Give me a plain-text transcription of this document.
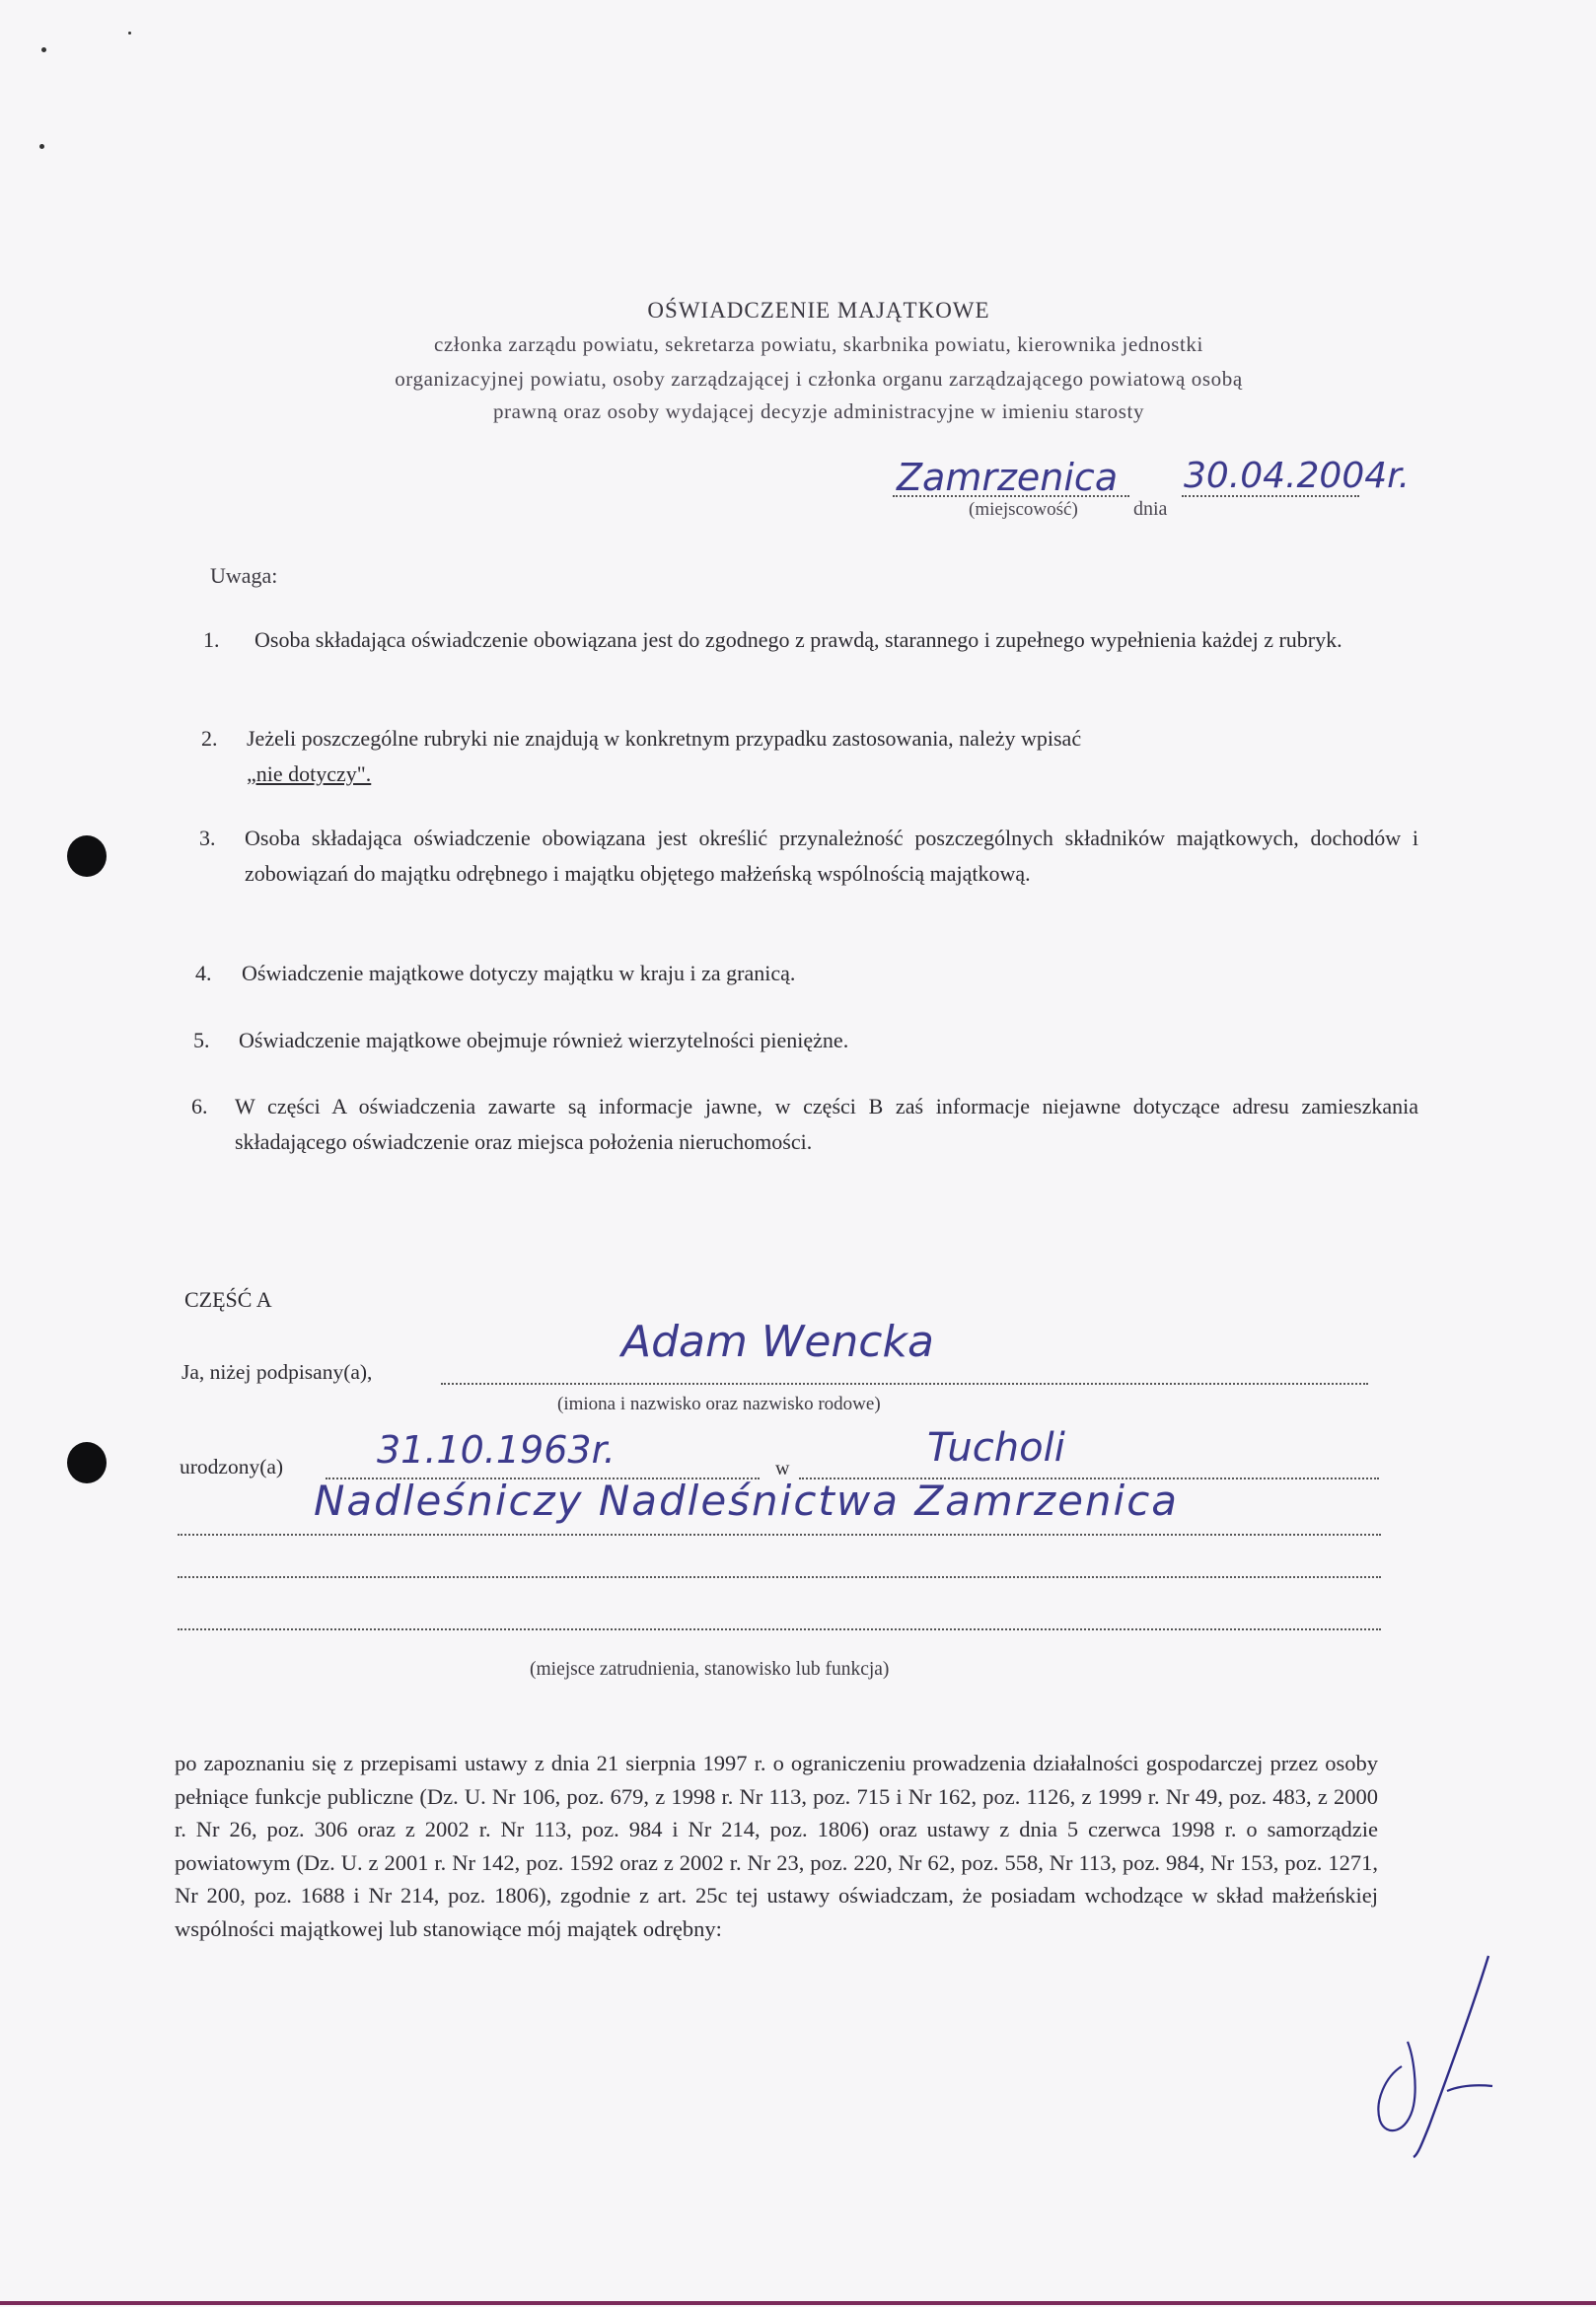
OŚWIADCZENIE MAJĄTKOWE
członka zarządu powiatu, sekretarza powiatu, skarbnika powiatu, kierownika jednostki
organizacyjnej powiatu, osoby zarządzającej i członka organu zarządzającego powiatową osobą
prawną oraz osoby wydającej decyzje administracyjne w imieniu starosty
Zamrzenica
dnia
30.04.2004r.
(miejscowość)
Uwaga:
1. Osoba składająca oświadczenie obowiązana jest do zgodnego z prawdą, starannego i zupełnego wypełnienia każdej z rubryk.
2. Jeżeli poszczególne rubryki nie znajdują w konkretnym przypadku zastosowania, należy wpisać
„nie dotyczy".
3. Osoba składająca oświadczenie obowiązana jest określić przynależność poszczególnych składników majątkowych, dochodów i zobowiązań do majątku odrębnego i majątku objętego małżeńską wspólnością majątkową.
4. Oświadczenie majątkowe dotyczy majątku w kraju i za granicą.
5. Oświadczenie majątkowe obejmuje również wierzytelności pieniężne.
6. W części A oświadczenia zawarte są informacje jawne, w części B zaś informacje niejawne dotyczące adresu zamieszkania składającego oświadczenie oraz miejsca położenia nieruchomości.
CZĘŚĆ A
Ja, niżej podpisany(a),
Adam Wencka
(imiona i nazwisko oraz nazwisko rodowe)
urodzony(a) 31.10.1963r.	w	Tucholi
Nadleśniczy Nadleśnictwa Zamrzenica
(miejsce zatrudnienia, stanowisko lub funkcja)
po zapoznaniu się z przepisami ustawy z dnia 21 sierpnia 1997 r. o ograniczeniu prowadzenia działalności gospodarczej przez osoby pełniące funkcje publiczne (Dz. U. Nr 106, poz. 679, z 1998 r. Nr 113, poz. 715 i Nr 162, poz. 1126, z 1999 r. Nr 49, poz. 483, z 2000 r. Nr 26, poz. 306 oraz z 2002 r. Nr 113, poz. 984 i Nr 214, poz. 1806) oraz ustawy z dnia 5 czerwca 1998 r. o samorządzie powiatowym (Dz. U. z 2001 r. Nr 142, poz. 1592 oraz z 2002 r. Nr 23, poz. 220, Nr 62, poz. 558, Nr 113, poz. 984, Nr 153, poz. 1271, Nr 200, poz. 1688 i Nr 214, poz. 1806), zgodnie z art. 25c tej ustawy oświadczam, że posiadam wchodzące w skład małżeńskiej wspólności majątkowej lub stanowiące mój majątek odrębny:
